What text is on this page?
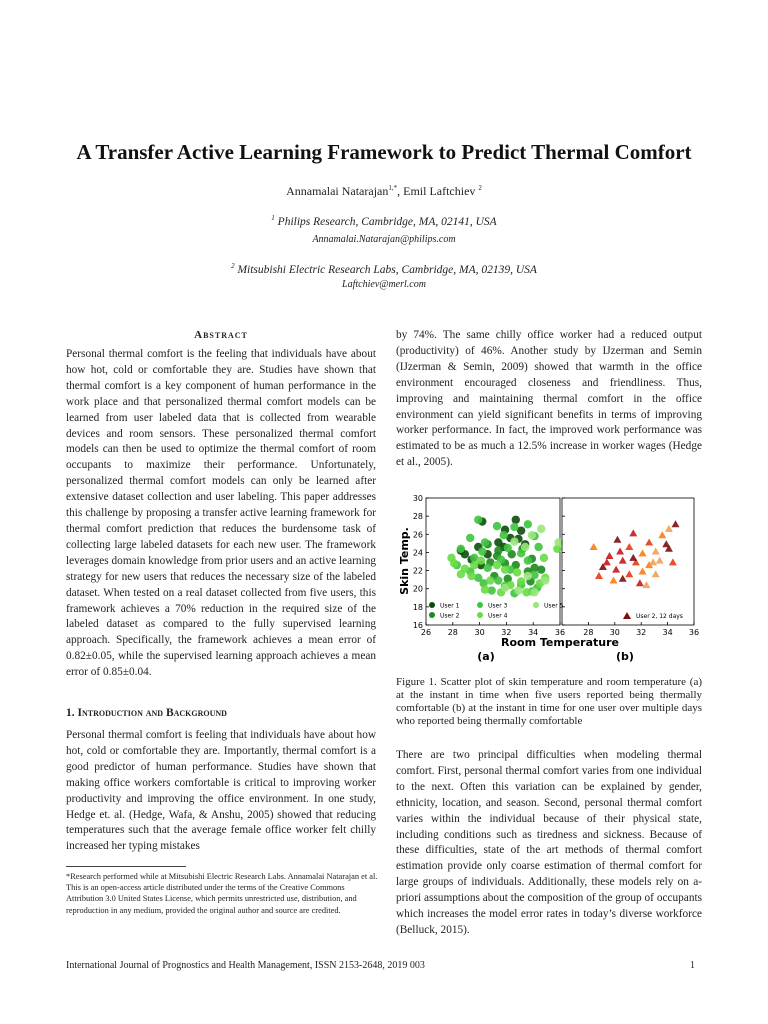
A Transfer Active Learning Framework to Predict Thermal Comfort
Annamalai Natarajan$^{1,*}$, Emil Laftchiev $^2$
$^1$ Philips Research, Cambridge, MA, 02141, USA
Annamalai.Natarajan@philips.com
$^2$ Mitsubishi Electric Research Labs, Cambridge, MA, 02139, USA
Laftchiev@merl.com
Abstract
Personal thermal comfort is the feeling that individuals have about how hot, cold or comfortable they are. Studies have shown that thermal comfort is a key component of human performance in the work place and that personalized thermal comfort models can be learned from user labeled data that is collected from wearable devices and room sensors. These personalized thermal comfort models can then be used to optimize the thermal comfort of room occupants to maximize their performance. Unfortunately, personalized thermal comfort models can only be learned after extensive dataset collection and user labeling. This paper addresses this challenge by proposing a transfer active learning framework for thermal comfort prediction that reduces the burdensome task of collecting large labeled datasets for each new user. The framework leverages domain knowledge from prior users and an active learning strategy for new users that reduces the necessary size of the labeled dataset. When tested on a real dataset collected from five users, this framework achieves a 70% reduction in the required size of the labeled dataset as compared to the fully supervised learning approach. Specifically, the framework achieves a mean error of 0.82±0.05, while the supervised learning approach achieves a mean error of 0.85±0.04.
1. Introduction and Background
Personal thermal comfort is feeling that individuals have about how hot, cold or comfortable they are. Importantly, thermal comfort is a good predictor of human performance. Studies have shown that making office workers comfortable is critical to improving worker productivity and improving the office environment. In one study, Hedge et. al. (Hedge, Wafa, & Anshu, 2005) showed that reducing temperatures such that the average female office worker felt chilly increased her typing mistakes
*Research performed while at Mitsubishi Electric Research Labs. Annamalai Natarajan et al. This is an open-access article distributed under the terms of the Creative Commons Attribution 3.0 United States License, which permits unrestricted use, distribution, and reproduction in any medium, provided the original author and source are credited.
by 74%. The same chilly office worker had a reduced output (productivity) of 46%. Another study by IJzerman and Semin (IJzerman & Semin, 2009) showed that warmth in the office environment encouraged closeness and friendliness. Thus, improving and maintaining thermal comfort in the office environment can yield significant benefits in terms of improving worker performance. In fact, the improved work performance was estimated to be as much a 12.5% increase in worker wages (Hedge et al., 2005).
26 28 30 32 34 36
16
18
20
22
24
26
28
30
(a)
28 30 32 34 36
(b)
User 1
User 2
User 3
User 4
User 5
User 2, 12 days
Room Temperature
Skin Temp.
Figure 1. Scatter plot of skin temperature and room temperature (a) at the instant in time when five users reported being thermally comfortable (b) at the instant in time for one user over multiple days who reported being thermally comfortable
There are two principal difficulties when modeling thermal comfort. First, personal thermal comfort varies from one individual to the next. Often this variation can be explained by gender, ethnicity, location, and season. Second, personal thermal comfort varies within the individual because of their physical state, including conditions such as tiredness and sickness. Because of these difficulties, state of the art methods of thermal comfort estimation provide only coarse estimation of thermal comfort for large groups of individuals. Additionally, these models rely on a-priori assumptions about the composition of the group of occupants which increases the model error rates in today’s diverse workforce (Belluck, 2015).
International Journal of Prognostics and Health Management, ISSN 2153-2648, 2019 003	1
